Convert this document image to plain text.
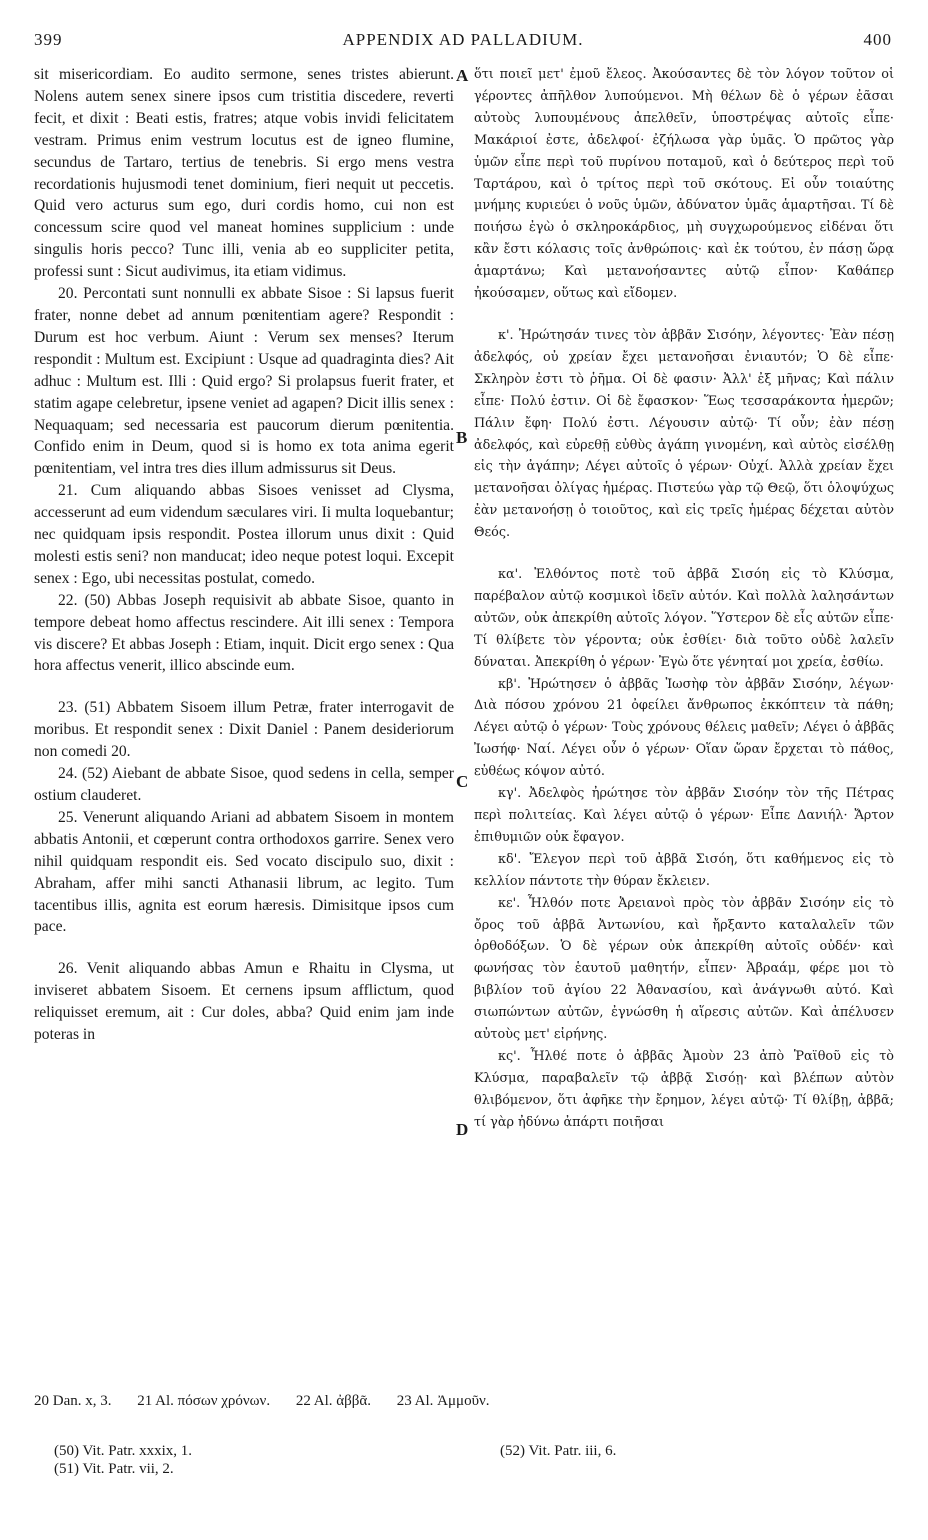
399	APPENDIX AD PALLADIUM.	400

sit misericordiam. Eo audito sermone, senes tristes abierunt. Nolens autem senex sinere ipsos cum tristitia discedere, reverti fecit, et dixit : Beati estis, fratres; atque vobis invidi felicitatem vestram. Primus enim vestrum locutus est de igneo flumine, secundus de Tartaro, tertius de tenebris. Si ergo mens vestra recordationis hujusmodi tenet dominium, fieri nequit ut peccetis. Quid vero acturus sum ego, duri cordis homo, cui non est concessum scire quod vel maneat homines supplicium : unde singulis horis pecco? Tunc illi, venia ab eo suppliciter petita, professi sunt : Sicut audivimus, ita etiam vidimus.

20. Percontati sunt nonnulli ex abbate Sisoe : Si lapsus fuerit frater, nonne debet ad annum pœnitentiam agere? Respondit : Durum est hoc verbum. Aiunt : Verum sex menses? Iterum respondit : Multum est. Excipiunt : Usque ad quadraginta dies? Ait adhuc : Multum est. Illi : Quid ergo? Si prolapsus fuerit frater, et statim agape celebretur, ipsene veniet ad agapen? Dicit illis senex : Nequaquam; sed necessaria est paucorum dierum pœnitentia. Confido enim in Deum, quod si is homo ex tota anima egerit pœnitentiam, vel intra tres dies illum admissurus sit Deus.

21. Cum aliquando abbas Sisoes venisset ad Clysma, accesserunt ad eum videndum sæculares viri. Ii multa loquebantur; nec quidquam ipsis respondit. Postea illorum unus dixit : Quid molesti estis seni? non manducat; ideo neque potest loqui. Excepit senex : Ego, ubi necessitas postulat, comedo.

22. (50) Abbas Joseph requisivit ab abbate Sisoe, quanto in tempore debeat homo affectus rescindere. Ait illi senex : Tempora vis discere? Et abbas Joseph : Etiam, inquit. Dicit ergo senex : Qua hora affectus venerit, illico abscinde eum.

23. (51) Abbatem Sisoem illum Petræ, frater interrogavit de moribus. Et respondit senex : Dixit Daniel : Panem desideriorum non comedi 20.

24. (52) Aiebant de abbate Sisoe, quod sedens in cella, semper ostium clauderet.

25. Venerunt aliquando Ariani ad abbatem Sisoem in montem abbatis Antonii, et cœperunt contra orthodoxos garrire. Senex vero nihil quidquam respondit eis. Sed vocato discipulo suo, dixit : Abraham, affer mihi sancti Athanasii librum, ac legito. Tum tacentibus illis, agnita est eorum hæresis. Dimisitque ipsos cum pace.

26. Venit aliquando abbas Amun e Rhaitu in Clysma, ut inviseret abbatem Sisoem. Et cernens ipsum afflictum, quod reliquisset eremum, ait : Cur doles, abba? Quid enim jam inde poteras in

A
B
C
D

ὅτι ποιεῖ μετ' ἐμοῦ ἔλεος. Ἀκούσαντες δὲ τὸν λόγον τοῦτον οἱ γέροντες ἀπῆλθον λυπούμενοι. Μὴ θέλων δὲ ὁ γέρων ἐᾶσαι αὐτοὺς λυπουμένους ἀπελθεῖν, ὑποστρέψας αὐτοῖς εἶπε· Μακάριοί ἐστε, ἀδελφοί· ἐζήλωσα γὰρ ὑμᾶς. Ὁ πρῶτος γὰρ ὑμῶν εἶπε περὶ τοῦ πυρίνου ποταμοῦ, καὶ ὁ δεύτερος περὶ τοῦ Ταρτάρου, καὶ ὁ τρίτος περὶ τοῦ σκότους. Εἰ οὖν τοιαύτης μνήμης κυριεύει ὁ νοῦς ὑμῶν, ἀδύνατον ὑμᾶς ἁμαρτῆσαι. Τί δὲ ποιήσω ἐγὼ ὁ σκληροκάρδιος, μὴ συγχωρούμενος εἰδέναι ὅτι κἂν ἔστι κόλασις τοῖς ἀνθρώποις· καὶ ἐκ τούτου, ἐν πάσῃ ὥρᾳ ἁμαρτάνω; Καὶ μετανοήσαντες αὐτῷ εἶπον· Καθάπερ ἠκούσαμεν, οὕτως καὶ εἴδομεν.

κ'. Ἠρώτησάν τινες τὸν ἀββᾶν Σισόην, λέγοντες· Ἐὰν πέσῃ ἀδελφός, οὐ χρείαν ἔχει μετανοῆσαι ἐνιαυτόν; Ὁ δὲ εἶπε· Σκληρὸν ἐστι τὸ ῥῆμα. Οἱ δὲ φασιν· Ἀλλ' ἐξ μῆνας; Καὶ πάλιν εἶπε· Πολύ ἐστιν. Οἱ δὲ ἔφασκον· Ἕως τεσσαράκοντα ἡμερῶν; Πάλιν ἔφη· Πολύ ἐστι. Λέγουσιν αὐτῷ· Τί οὖν; ἐὰν πέσῃ ἀδελφός, καὶ εὐρεθῇ εὐθὺς ἀγάπη γινομένη, καὶ αὐτὸς εἰσέλθῃ εἰς τὴν ἀγάπην; Λέγει αὐτοῖς ὁ γέρων· Οὐχί. Ἀλλὰ χρείαν ἔχει μετανοῆσαι ὀλίγας ἡμέρας. Πιστεύω γὰρ τῷ Θεῷ, ὅτι ὁλοψύχως ἐὰν μετανοήσῃ ὁ τοιοῦτος, καὶ εἰς τρεῖς ἡμέρας δέχεται αὐτὸν Θεός.

κα'. Ἐλθόντος ποτὲ τοῦ ἀββᾶ Σισόη εἰς τὸ Κλύσμα, παρέβαλον αὐτῷ κοσμικοὶ ἰδεῖν αὐτόν. Καὶ πολλὰ λαλησάντων αὐτῶν, οὐκ ἀπεκρίθη αὐτοῖς λόγον. Ὕστερον δὲ εἷς αὐτῶν εἶπε· Τί θλίβετε τὸν γέροντα; οὐκ ἐσθίει· διὰ τοῦτο οὐδὲ λαλεῖν δύναται. Ἀπεκρίθη ὁ γέρων· Ἐγὼ ὅτε γένηταί μοι χρεία, ἐσθίω.

κβ'. Ἠρώτησεν ὁ ἀββᾶς Ἰωσὴφ τὸν ἀββᾶν Σισόην, λέγων· Διὰ πόσου χρόνου 21 ὀφείλει ἄνθρωπος ἐκκόπτειν τὰ πάθη; Λέγει αὐτῷ ὁ γέρων· Τοὺς χρόνους θέλεις μαθεῖν; Λέγει ὁ ἀββᾶς Ἰωσήφ· Ναί. Λέγει οὖν ὁ γέρων· Οἵαν ὥραν ἔρχεται τὸ πάθος, εὐθέως κόψον αὐτό.

κγ'. Ἀδελφὸς ἠρώτησε τὸν ἀββᾶν Σισόην τὸν τῆς Πέτρας περὶ πολιτείας. Καὶ λέγει αὐτῷ ὁ γέρων· Εἶπε Δανιήλ· Ἄρτον ἐπιθυμιῶν οὐκ ἔφαγον.

κδ'. Ἔλεγον περὶ τοῦ ἀββᾶ Σισόη, ὅτι καθήμενος εἰς τὸ κελλίον πάντοτε τὴν θύραν ἔκλειεν.

κε'. Ἦλθόν ποτε Ἀρειανοὶ πρὸς τὸν ἀββᾶν Σισόην εἰς τὸ ὄρος τοῦ ἀββᾶ Ἀντωνίου, καὶ ἤρξαντο καταλαλεῖν τῶν ὀρθοδόξων. Ὁ δὲ γέρων οὐκ ἀπεκρίθη αὐτοῖς οὐδέν· καὶ φωνήσας τὸν ἑαυτοῦ μαθητήν, εἶπεν· Ἀβραάμ, φέρε μοι τὸ βιβλίον τοῦ ἁγίου 22 Ἀθανασίου, καὶ ἀνάγνωθι αὐτό. Καὶ σιωπώντων αὐτῶν, ἐγνώσθη ἡ αἵρεσις αὐτῶν. Καὶ ἀπέλυσεν αὐτοὺς μετ' εἰρήνης.

κς'. Ἦλθέ ποτε ὁ ἀββᾶς Ἀμοὺν 23 ἀπὸ Ῥαϊθοῦ εἰς τὸ Κλύσμα, παραβαλεῖν τῷ ἀββᾷ Σισόῃ· καὶ βλέπων αὐτὸν θλιβόμενον, ὅτι ἀφῆκε τὴν ἔρημον, λέγει αὐτῷ· Τί θλίβῃ, ἀββᾶ; τί γὰρ ἠδύνω ἀπάρτι ποιῆσαι

20 Dan. x, 3. 21 Al. πόσων χρόνων. 22 Al. ἀββᾶ. 23 Al. Ἀμμοῦν.
(50) Vit. Patr. xxxix, 1.
(51) Vit. Patr. vii, 2.
(52) Vit. Patr. iii, 6.
